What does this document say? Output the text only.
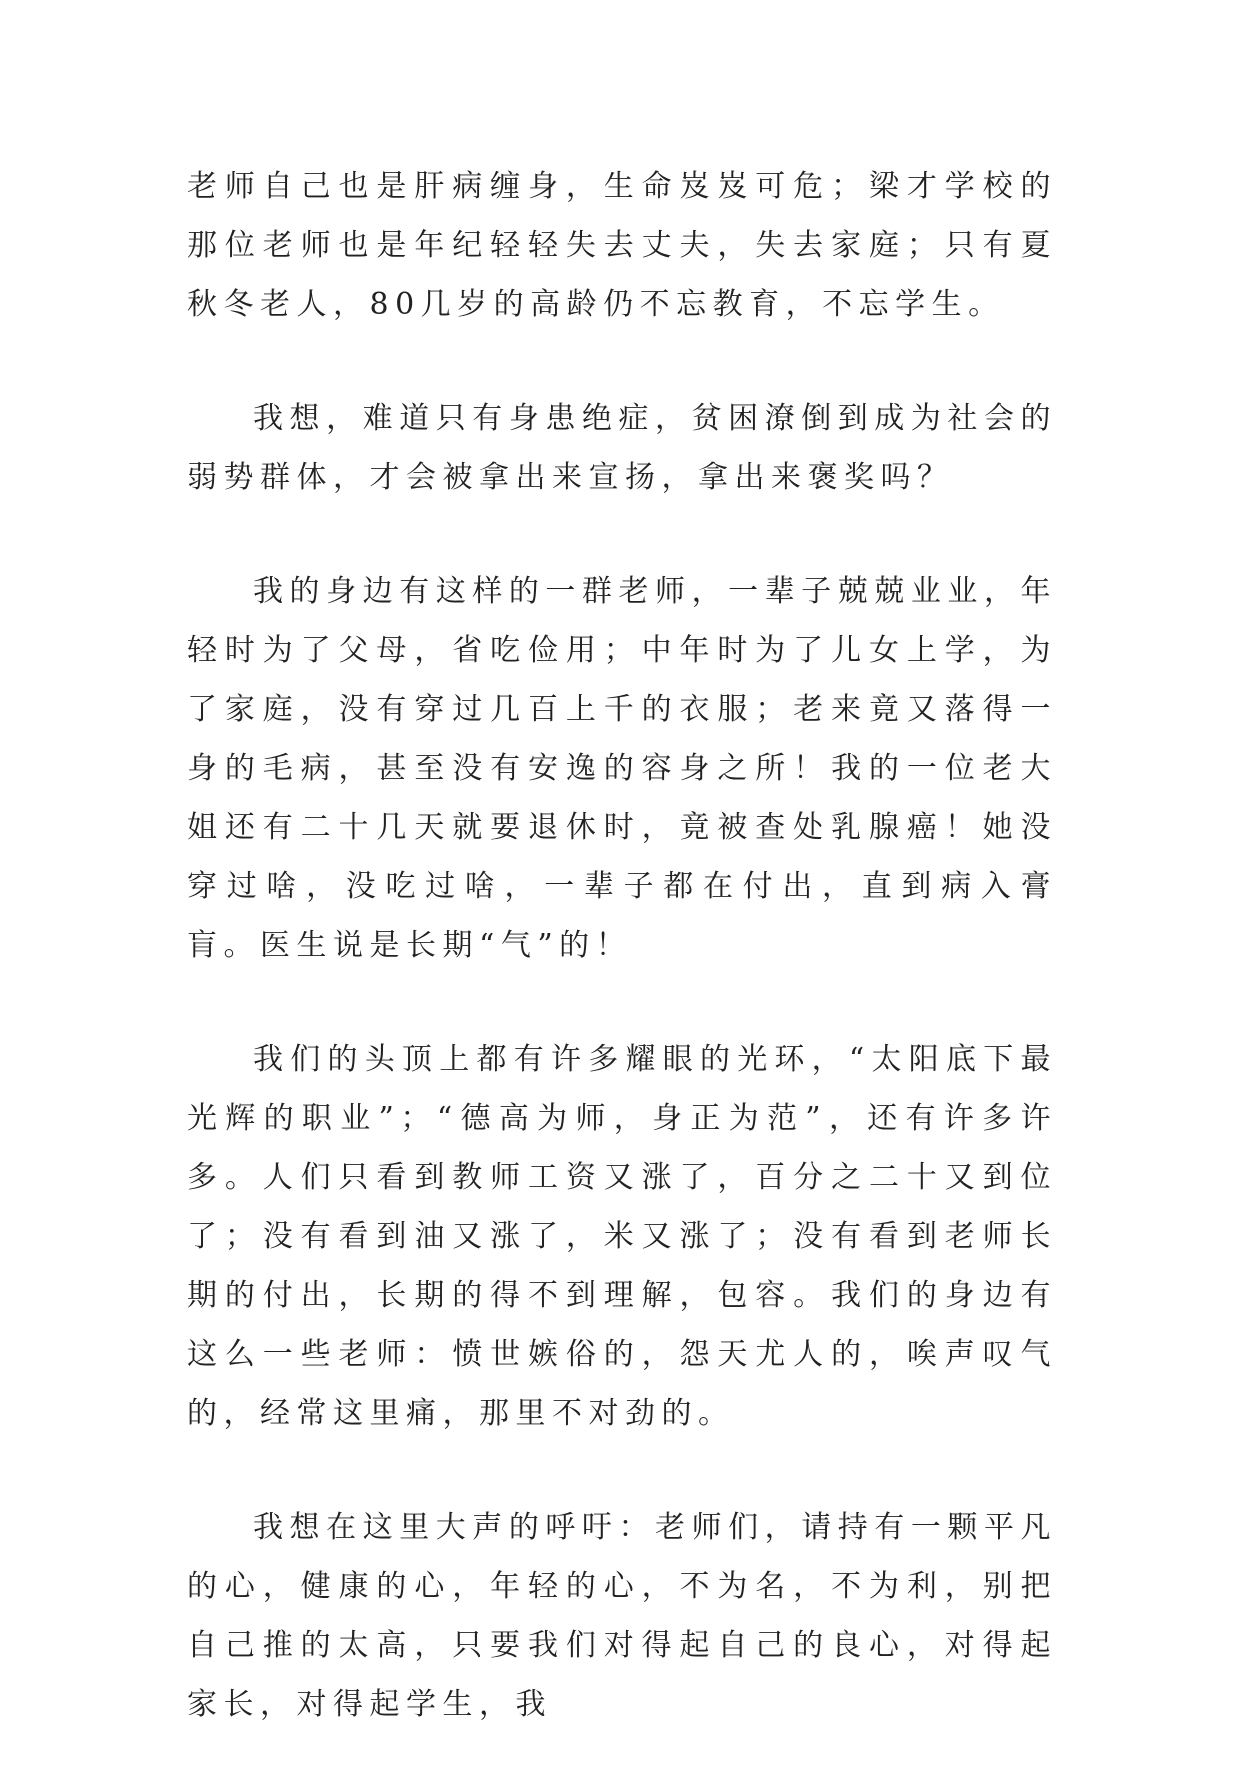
老师自己也是肝病缠身，生命岌岌可危；梁才学校的那位老师也是年纪轻轻失去丈夫，失去家庭；只有夏秋冬老人，80几岁的高龄仍不忘教育，不忘学生。

我想，难道只有身患绝症，贫困潦倒到成为社会的弱势群体，才会被拿出来宣扬，拿出来褒奖吗？

我的身边有这样的一群老师，一辈子兢兢业业，年轻时为了父母，省吃俭用；中年时为了儿女上学，为了家庭，没有穿过几百上千的衣服；老来竟又落得一身的毛病，甚至没有安逸的容身之所！我的一位老大姐还有二十几天就要退休时，竟被查处乳腺癌！她没穿过啥，没吃过啥，一辈子都在付出，直到病入膏肓。医生说是长期“气”的！

我们的头顶上都有许多耀眼的光环，“太阳底下最光辉的职业”；“德高为师，身正为范”，还有许多许多。人们只看到教师工资又涨了，百分之二十又到位了；没有看到油又涨了，米又涨了；没有看到老师长期的付出，长期的得不到理解，包容。我们的身边有这么一些老师：愤世嫉俗的，怨天尤人的，唉声叹气的，经常这里痛，那里不对劲的。

我想在这里大声的呼吁：老师们，请持有一颗平凡的心，健康的心，年轻的心，不为名，不为利，别把自己推的太高，只要我们对得起自己的良心，对得起家长，对得起学生，我
